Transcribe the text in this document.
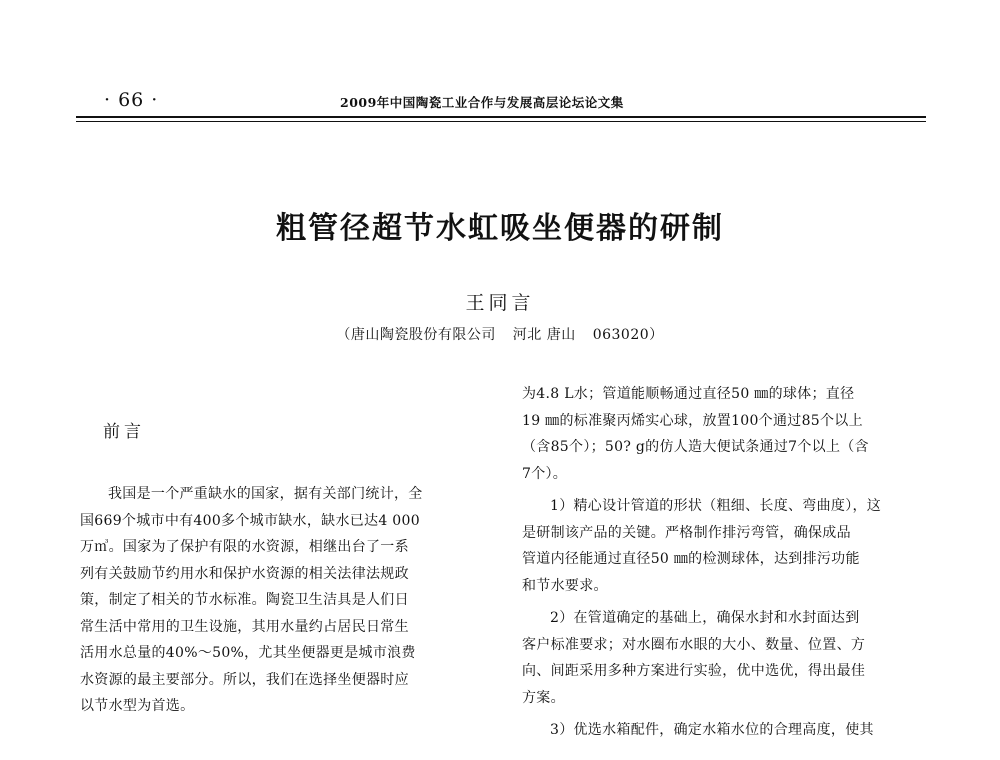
· 66 ·	2009年中国陶瓷工业合作与发展高层论坛论文集
粗管径超节水虹吸坐便器的研制
王同言
（唐山陶瓷股份有限公司 河北 唐山 063020）
前言

我国是一个严重缺水的国家，据有关部门统计，全

国669个城市中有400多个城市缺水，缺水已达4 000

万㎥。国家为了保护有限的水资源，相继出台了一系

列有关鼓励节约用水和保护水资源的相关法律法规政

策，制定了相关的节水标准。陶瓷卫生洁具是人们日

常生活中常用的卫生设施，其用水量约占居民日常生

活用水总量的40%～50%，尤其坐便器更是城市浪费

水资源的最主要部分。所以，我们在选择坐便器时应

以节水型为首选。

为4.8 L水；管道能顺畅通过直径50 ㎜的球体；直径

19 ㎜的标准聚丙烯实心球，放置100个通过85个以上

（含85个）；50? g的仿人造大便试条通过7个以上（含

7个）。

1）精心设计管道的形状（粗细、长度、弯曲度），这

是研制该产品的关键。严格制作排污弯管，确保成品

管道内径能通过直径50 ㎜的检测球体，达到排污功能

和节水要求。

2）在管道确定的基础上，确保水封和水封面达到

客户标准要求；对水圈布水眼的大小、数量、位置、方

向、间距采用多种方案进行实验，优中选优，得出最佳

方案。

3）优选水箱配件，确定水箱水位的合理高度，使其
